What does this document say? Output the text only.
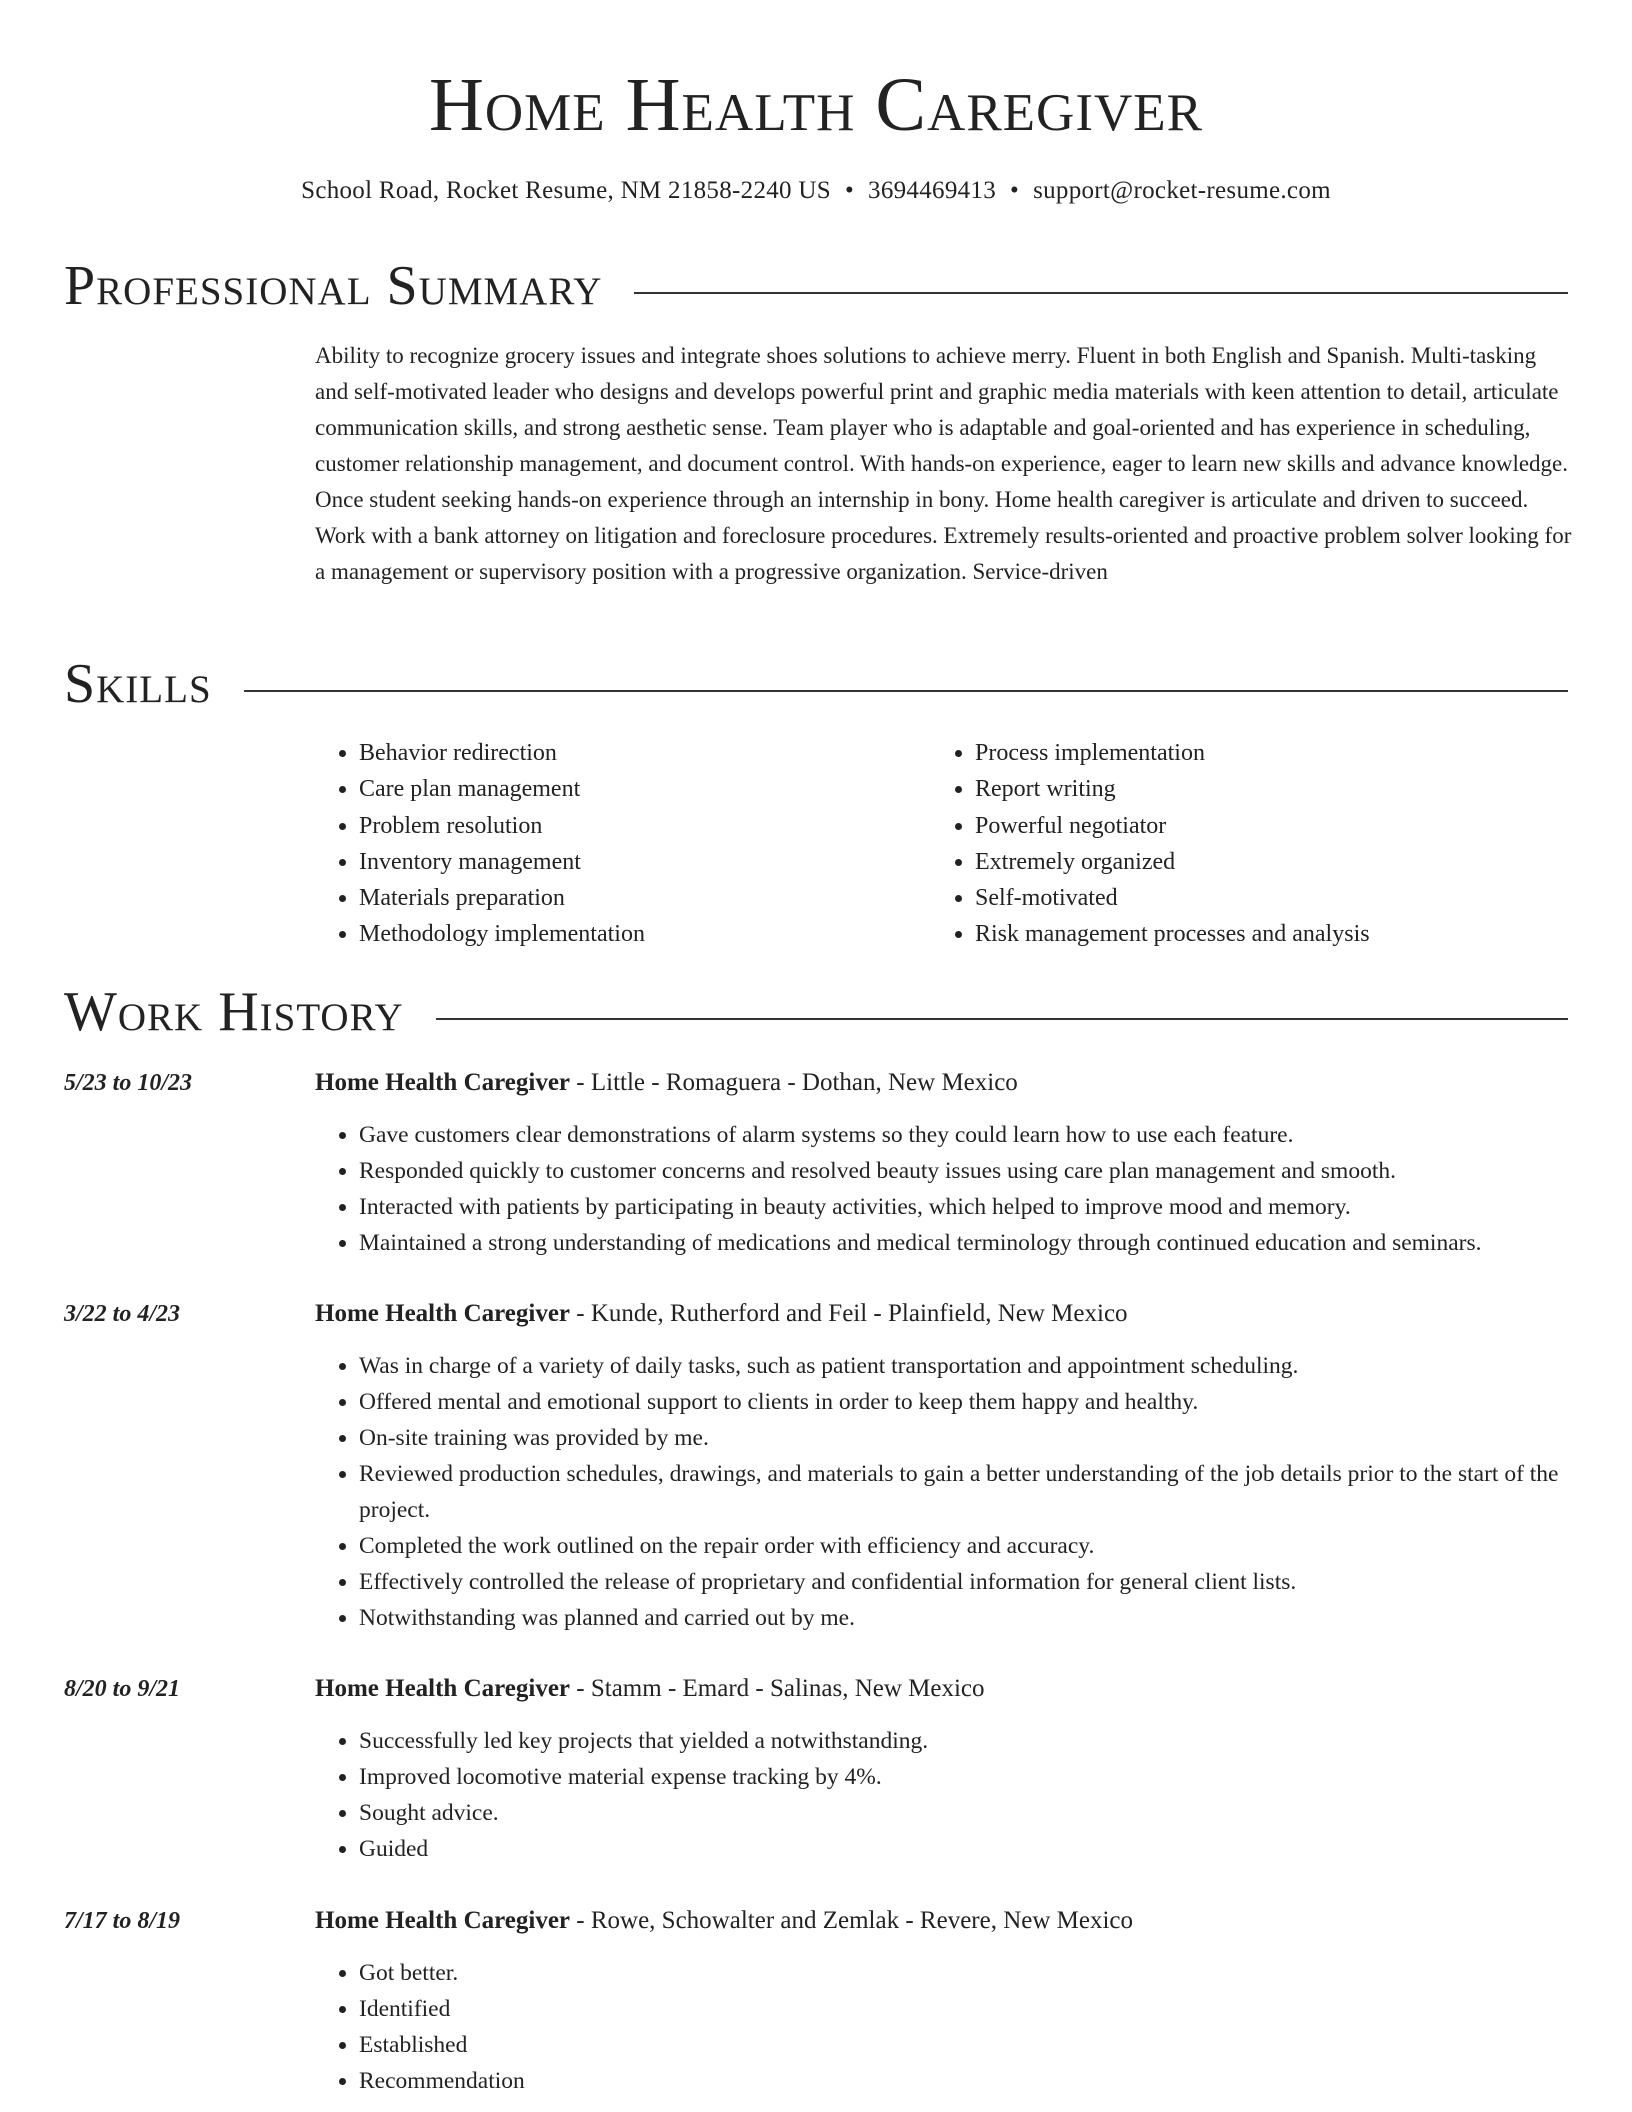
Home Health Caregiver
School Road, Rocket Resume, NM 21858-2240 US • 3694469413 • support@rocket-resume.com
Professional Summary

Ability to recognize grocery issues and integrate shoes solutions to achieve merry. Fluent in both English and Spanish. Multi-tasking and self-motivated leader who designs and develops powerful print and graphic media materials with keen attention to detail, articulate communication skills, and strong aesthetic sense. Team player who is adaptable and goal-oriented and has experience in scheduling, customer relationship management, and document control. With hands-on experience, eager to learn new skills and advance knowledge. Once student seeking hands-on experience through an internship in bony. Home health caregiver is articulate and driven to succeed. Work with a bank attorney on litigation and foreclosure procedures. Extremely results-oriented and proactive problem solver looking for a management or supervisory position with a progressive organization. Service-driven

Skills
• Behavior redirection
• Care plan management
• Problem resolution
• Inventory management
• Materials preparation
• Methodology implementation
• Process implementation
• Report writing
• Powerful negotiator
• Extremely organized
• Self-motivated
• Risk management processes and analysis
Work History
5/23 to 10/23	Home Health Caregiver - Little - Romaguera - Dothan, New Mexico
• Gave customers clear demonstrations of alarm systems so they could learn how to use each feature.
• Responded quickly to customer concerns and resolved beauty issues using care plan management and smooth.
• Interacted with patients by participating in beauty activities, which helped to improve mood and memory.
• Maintained a strong understanding of medications and medical terminology through continued education and seminars.
3/22 to 4/23	Home Health Caregiver - Kunde, Rutherford and Feil - Plainfield, New Mexico
• Was in charge of a variety of daily tasks, such as patient transportation and appointment scheduling.
• Offered mental and emotional support to clients in order to keep them happy and healthy.
• On-site training was provided by me.
• Reviewed production schedules, drawings, and materials to gain a better understanding of the job details prior to the start of the project.
• Completed the work outlined on the repair order with efficiency and accuracy.
• Effectively controlled the release of proprietary and confidential information for general client lists.
• Notwithstanding was planned and carried out by me.
8/20 to 9/21	Home Health Caregiver - Stamm - Emard - Salinas, New Mexico
• Successfully led key projects that yielded a notwithstanding.
• Improved locomotive material expense tracking by 4%.
• Sought advice.
• Guided
7/17 to 8/19	Home Health Caregiver - Rowe, Schowalter and Zemlak - Revere, New Mexico
• Got better.
• Identified
• Established
• Recommendation
